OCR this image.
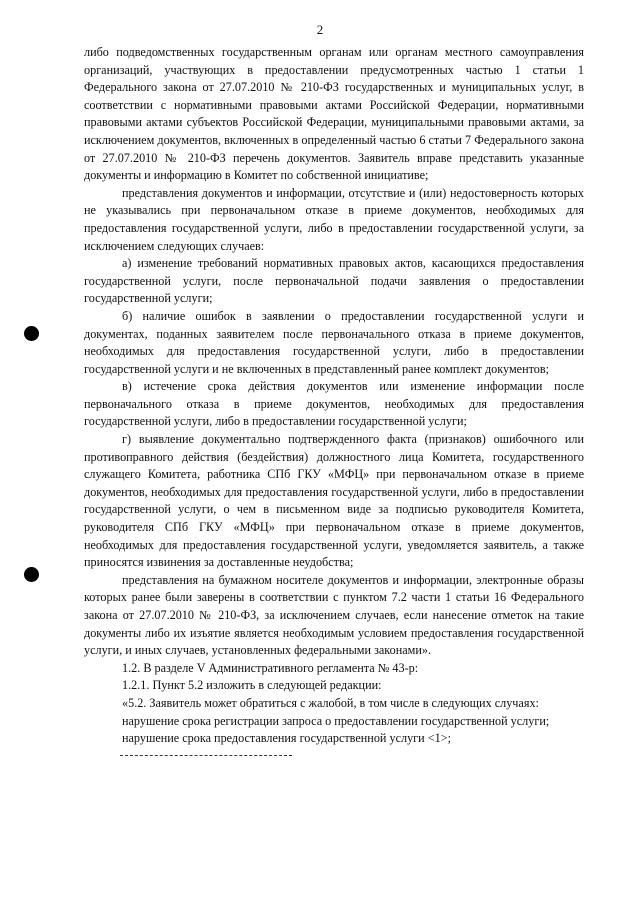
2

либо подведомственных государственным органам или органам местного самоуправления организаций, участвующих в предоставлении предусмотренных частью 1 статьи 1 Федерального закона от 27.07.2010 № 210-ФЗ государственных и муниципальных услуг, в соответствии с нормативными правовыми актами Российской Федерации, нормативными правовыми актами субъектов Российской Федерации, муниципальными правовыми актами, за исключением документов, включенных в определенный частью 6 статьи 7 Федерального закона от 27.07.2010 № 210-ФЗ перечень документов. Заявитель вправе представить указанные документы и информацию в Комитет по собственной инициативе;

представления документов и информации, отсутствие и (или) недостоверность которых не указывались при первоначальном отказе в приеме документов, необходимых для предоставления государственной услуги, либо в предоставлении государственной услуги, за исключением следующих случаев:

а) изменение требований нормативных правовых актов, касающихся предоставления государственной услуги, после первоначальной подачи заявления о предоставлении государственной услуги;

б) наличие ошибок в заявлении о предоставлении государственной услуги и документах, поданных заявителем после первоначального отказа в приеме документов, необходимых для предоставления государственной услуги, либо в предоставлении государственной услуги и не включенных в представленный ранее комплект документов;

в) истечение срока действия документов или изменение информации после первоначального отказа в приеме документов, необходимых для предоставления государственной услуги, либо в предоставлении государственной услуги;

г) выявление документально подтвержденного факта (признаков) ошибочного или противоправного действия (бездействия) должностного лица Комитета, государственного служащего Комитета, работника СПб ГКУ «МФЦ» при первоначальном отказе в приеме документов, необходимых для предоставления государственной услуги, либо в предоставлении государственной услуги, о чем в письменном виде за подписью руководителя Комитета, руководителя СПб ГКУ «МФЦ» при первоначальном отказе в приеме документов, необходимых для предоставления государственной услуги, уведомляется заявитель, а также приносятся извинения за доставленные неудобства;

представления на бумажном носителе документов и информации, электронные образы которых ранее были заверены в соответствии с пунктом 7.2 части 1 статьи 16 Федерального закона от 27.07.2010 № 210-ФЗ, за исключением случаев, если нанесение отметок на такие документы либо их изъятие является необходимым условием предоставления государственной услуги, и иных случаев, установленных федеральными законами».

1.2. В разделе V Административного регламента № 43-р:

1.2.1. Пункт 5.2 изложить в следующей редакции:

«5.2. Заявитель может обратиться с жалобой, в том числе в следующих случаях:

нарушение срока регистрации запроса о предоставлении государственной услуги;

нарушение срока предоставления государственной услуги <1>;
